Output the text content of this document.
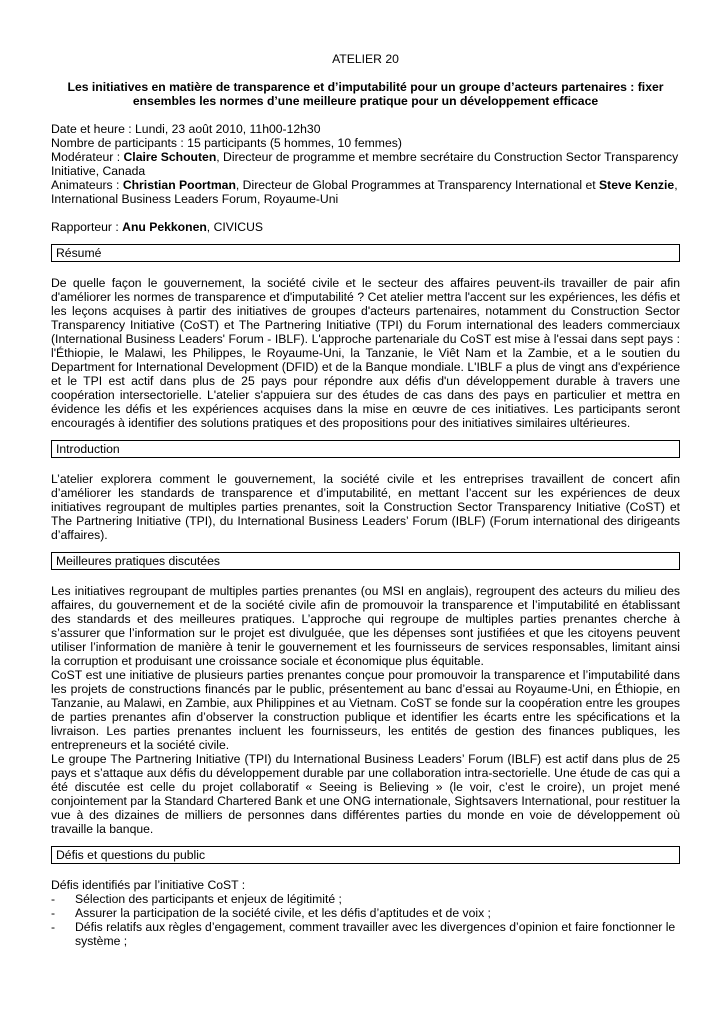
ATELIER 20
Les initiatives en matière de transparence et d’imputabilité pour un groupe d’acteurs partenaires : fixer ensembles les normes d’une meilleure pratique pour un développement efficace
Date et heure : Lundi, 23 août 2010, 11h00-12h30
Nombre de participants : 15 participants (5 hommes, 10 femmes)
Modérateur : Claire Schouten, Directeur de programme et membre secrétaire du Construction Sector Transparency Initiative, Canada
Animateurs : Christian Poortman, Directeur de Global Programmes at Transparency International et Steve Kenzie, International Business Leaders Forum, Royaume-Uni
Rapporteur : Anu Pekkonen, CIVICUS
Résumé
De quelle façon le gouvernement, la société civile et le secteur des affaires peuvent-ils travailler de pair afin d'améliorer les normes de transparence et d'imputabilité ? Cet atelier mettra l'accent sur les expériences, les défis et les leçons acquises à partir des initiatives de groupes d'acteurs partenaires, notamment du Construction Sector Transparency Initiative (CoST) et The Partnering Initiative (TPI) du Forum international des leaders commerciaux (International Business Leaders' Forum - IBLF). L'approche partenariale du CoST est mise à l'essai dans sept pays : l'Éthiopie, le Malawi, les Philippes, le Royaume-Uni, la Tanzanie, le Viêt Nam et la Zambie, et a le soutien du Department for International Development (DFID) et de la Banque mondiale. L'IBLF a plus de vingt ans d'expérience et le TPI est actif dans plus de 25 pays pour répondre aux défis d'un développement durable à travers une coopération intersectorielle. L'atelier s'appuiera sur des études de cas dans des pays en particulier et mettra en évidence les défis et les expériences acquises dans la mise en œuvre de ces initiatives. Les participants seront encouragés à identifier des solutions pratiques et des propositions pour des initiatives similaires ultérieures.
Introduction
L’atelier explorera comment le gouvernement, la société civile et les entreprises travaillent de concert afin d’améliorer les standards de transparence et d’imputabilité, en mettant l’accent sur les expériences de deux initiatives regroupant de multiples parties prenantes, soit la Construction Sector Transparency Initiative (CoST) et The Partnering Initiative (TPI), du International Business Leaders’ Forum (IBLF) (Forum international des dirigeants d’affaires).
Meilleures pratiques discutées

Les initiatives regroupant de multiples parties prenantes (ou MSI en anglais), regroupent des acteurs du milieu des affaires, du gouvernement et de la société civile afin de promouvoir la transparence et l’imputabilité en établissant des standards et des meilleures pratiques. L’approche qui regroupe de multiples parties prenantes cherche à s’assurer que l’information sur le projet est divulguée, que les dépenses sont justifiées et que les citoyens peuvent utiliser l’information de manière à tenir le gouvernement et les fournisseurs de services responsables, limitant ainsi la corruption et produisant une croissance sociale et économique plus équitable.

CoST est une initiative de plusieurs parties prenantes conçue pour promouvoir la transparence et l’imputabilité dans les projets de constructions financés par le public, présentement au banc d’essai au Royaume-Uni, en Éthiopie, en Tanzanie, au Malawi, en Zambie, aux Philippines et au Vietnam. CoST se fonde sur la coopération entre les groupes de parties prenantes afin d’observer la construction publique et identifier les écarts entre les spécifications et la livraison. Les parties prenantes incluent les fournisseurs, les entités de gestion des finances publiques, les entrepreneurs et la société civile.

Le groupe The Partnering Initiative (TPI) du International Business Leaders’ Forum (IBLF) est actif dans plus de 25 pays et s’attaque aux défis du développement durable par une collaboration intra-sectorielle. Une étude de cas qui a été discutée est celle du projet collaboratif « Seeing is Believing » (le voir, c’est le croire), un projet mené conjointement par la Standard Chartered Bank et une ONG internationale, Sightsavers International, pour restituer la vue à des dizaines de milliers de personnes dans différentes parties du monde en voie de développement où travaille la banque.

Défis et questions du public
Défis identifiés par l’initiative CoST :
- Sélection des participants et enjeux de légitimité ;
- Assurer la participation de la société civile, et les défis d’aptitudes et de voix ;
- Défis relatifs aux règles d’engagement, comment travailler avec les divergences d’opinion et faire fonctionner le système ;
